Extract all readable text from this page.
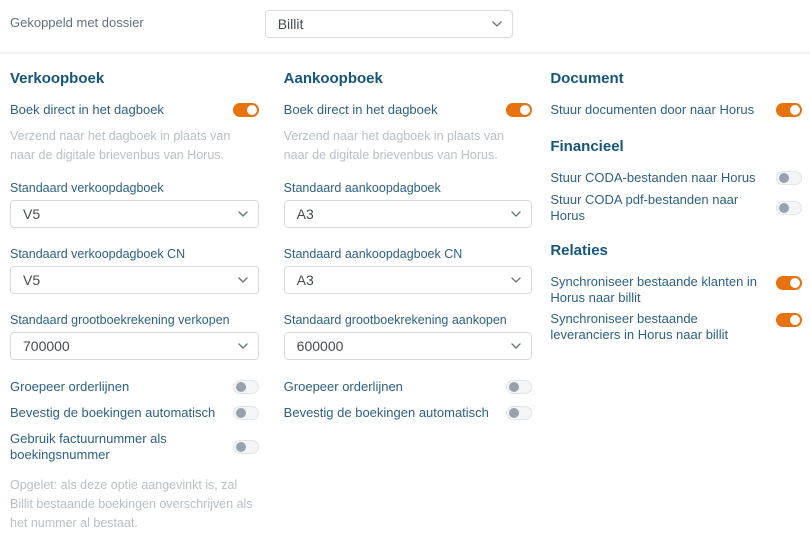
Gekoppeld met dossier	Billit
Verkoopboek
Boek direct in het dagboek

Verzend naar het dagboek in plaats van naar de digitale brievenbus van Horus.

Standaard verkoopdagboek
V5
Standaard verkoopdagboek CN
V5
Standaard grootboekrekening verkopen
700000
Groepeer orderlijnen
Bevestig de boekingen automatisch
Gebruik factuurnummer als boekingsnummer

Opgelet: als deze optie aangevinkt is, zal Billit bestaande boekingen overschrijven als het nummer al bestaat.

Aankoopboek
Boek direct in het dagboek

Verzend naar het dagboek in plaats van naar de digitale brievenbus van Horus.

Standaard aankoopdagboek
A3
Standaard aankoopdagboek CN
A3
Standaard grootboekrekening aankopen
600000
Groepeer orderlijnen
Bevestig de boekingen automatisch
Document
Stuur documenten door naar Horus
Financieel
Stuur CODA-bestanden naar Horus
Stuur CODA pdf-bestanden naar Horus
Relaties
Synchroniseer bestaande klanten in Horus naar billit
Synchroniseer bestaande leveranciers in Horus naar billit
